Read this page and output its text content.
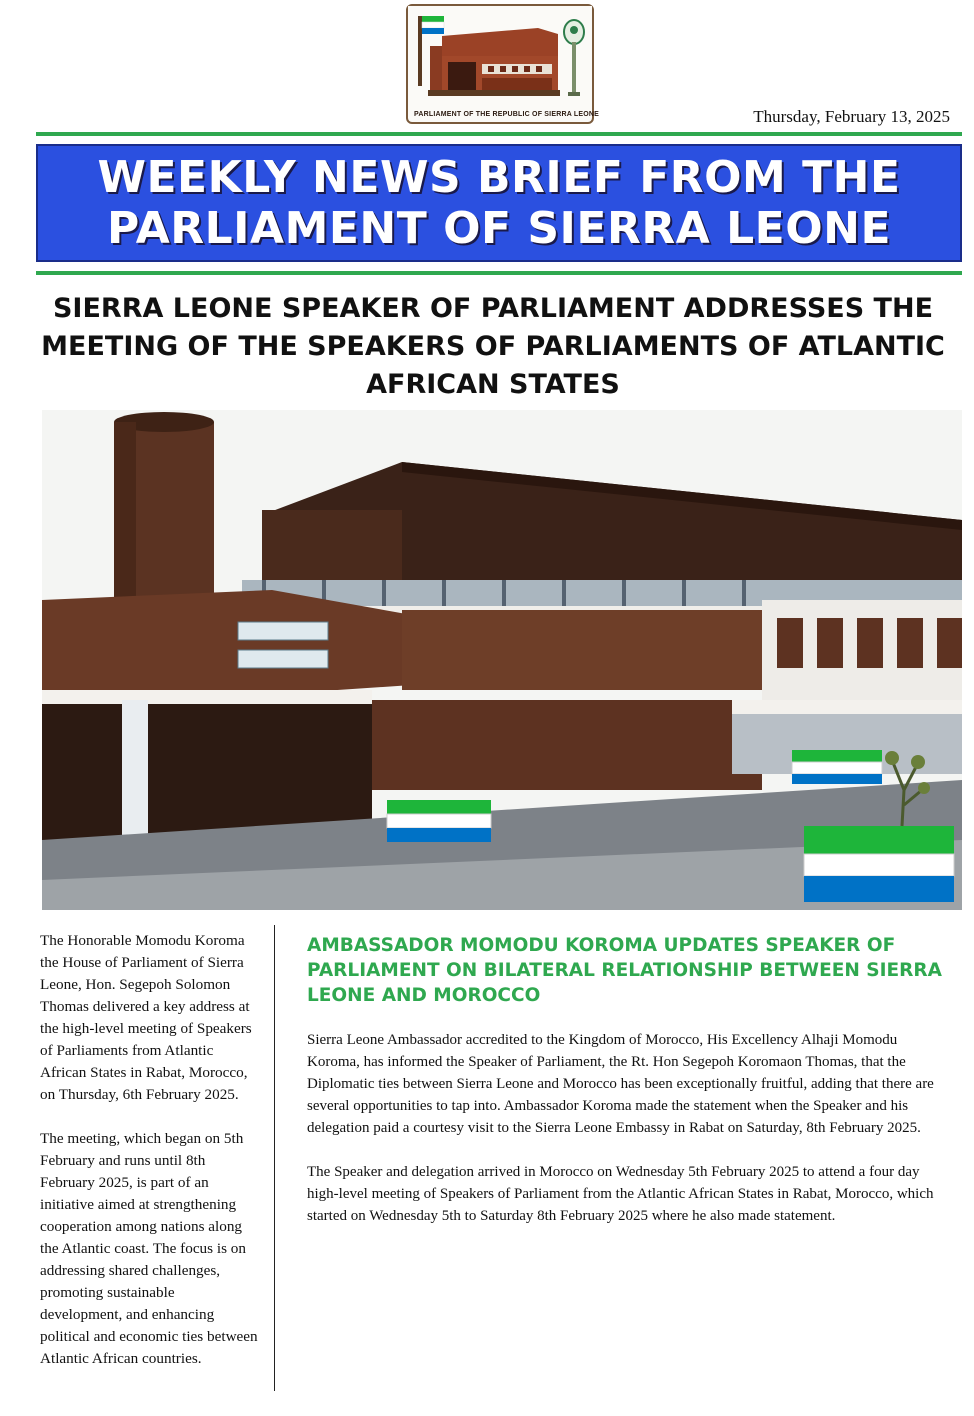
PARLIAMENT OF THE REPUBLIC OF SIERRA LEONE	Thursday, February 13, 2025
WEEKLY NEWS BRIEF FROM THE
PARLIAMENT OF SIERRA LEONE
SIERRA LEONE SPEAKER OF PARLIAMENT ADDRESSES THE MEETING OF THE SPEAKERS OF PARLIAMENTS OF ATLANTIC AFRICAN STATES

The Honorable Momodu Koroma the House of Parliament of Sierra Leone, Hon. Segepoh Solomon Thomas delivered a key address at the high-level meeting of Speakers of Parliaments from Atlantic African States in Rabat, Morocco, on Thursday, 6th February 2025.

The meeting, which began on 5th February and runs until 8th February 2025, is part of an initiative aimed at strengthening cooperation among nations along the Atlantic coast. The focus is on addressing shared challenges, promoting sustainable development, and enhancing political and economic ties between Atlantic African countries.

AMBASSADOR MOMODU KOROMA UPDATES SPEAKER OF PARLIAMENT ON BILATERAL RELATIONSHIP BETWEEN SIERRA LEONE AND MOROCCO

Sierra Leone Ambassador accredited to the Kingdom of Morocco, His Excellency Alhaji Momodu Koroma, has informed the Speaker of Parliament, the Rt. Hon Segepoh Koromaon Thomas, that the Diplomatic ties between Sierra Leone and Morocco has been exceptionally fruitful, adding that there are several opportunities to tap into. Ambassador Koroma made the statement when the Speaker and his delegation paid a courtesy visit to the Sierra Leone Embassy in Rabat on Saturday, 8th February 2025.

The Speaker and delegation arrived in Morocco on Wednesday 5th February 2025 to attend a four day high-level meeting of Speakers of Parliament from the Atlantic African States in Rabat, Morocco, which started on Wednesday 5th to Saturday 8th February 2025 where he also made statement.
